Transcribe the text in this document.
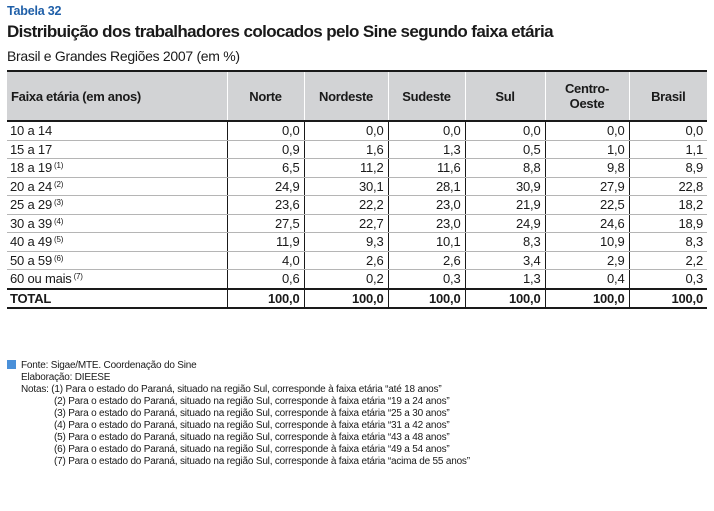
Tabela 32
Distribuição dos trabalhadores colocados pelo Sine segundo faixa etária
Brasil e Grandes Regiões 2007 (em %)
Faixa etária (em anos)	Norte	Nordeste	Sudeste	Sul	Centro-Oeste	Brasil
10 a 14	0,0	0,0	0,0	0,0	0,0	0,0
15 a 17	0,9	1,6	1,3	0,5	1,0	1,1
18 a 19 $^{(1)}$	6,5	11,2	11,6	8,8	9,8	8,9
20 a 24 $^{(2)}$	24,9	30,1	28,1	30,9	27,9	22,8
25 a 29 $^{(3)}$	23,6	22,2	23,0	21,9	22,5	18,2
30 a 39 $^{(4)}$	27,5	22,7	23,0	24,9	24,6	18,9
40 a 49 $^{(5)}$	11,9	9,3	10,1	8,3	10,9	8,3
50 a 59 $^{(6)}$	4,0	2,6	2,6	3,4	2,9	2,2
60 ou mais $^{(7)}$	0,6	0,2	0,3	1,3	0,4	0,3
TOTAL	100,0	100,0	100,0	100,0	100,0	100,0
Fonte: Sigae/MTE. Coordenação do Sine
Elaboração: DIEESE
Notas: (1) Para o estado do Paraná, situado na região Sul, corresponde à faixa etária “até 18 anos”
(2) Para o estado do Paraná, situado na região Sul, corresponde à faixa etária “19 a 24 anos”
(3) Para o estado do Paraná, situado na região Sul, corresponde à faixa etária “25 a 30 anos”
(4) Para o estado do Paraná, situado na região Sul, corresponde à faixa etária “31 a 42 anos”
(5) Para o estado do Paraná, situado na região Sul, corresponde à faixa etária “43 a 48 anos”
(6) Para o estado do Paraná, situado na região Sul, corresponde à faixa etária “49 a 54 anos”
(7) Para o estado do Paraná, situado na região Sul, corresponde à faixa etária “acima de 55 anos”
